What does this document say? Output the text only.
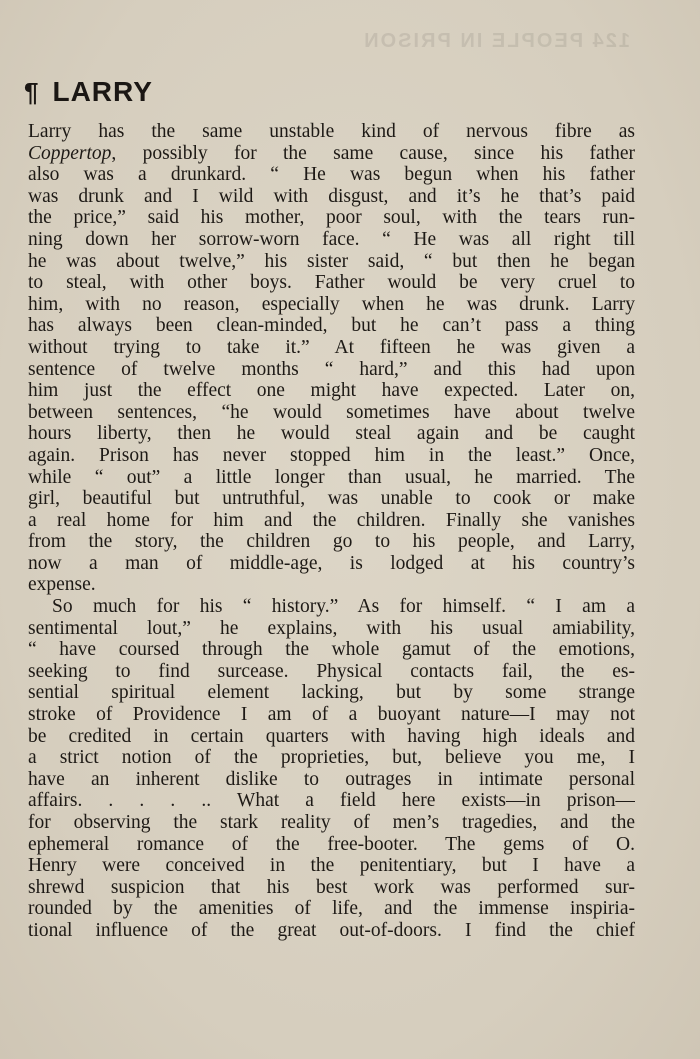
124 PEOPLE IN PRISON
¶ LARRY
Larry has the same unstable kind of nervous fibre as
Coppertop, possibly for the same cause, since his father
also was a drunkard. “ He was begun when his father
was drunk and I wild with disgust, and it’s he that’s paid
the price,” said his mother, poor soul, with the tears run-
ning down her sorrow-worn face. “ He was all right till
he was about twelve,” his sister said, “ but then he began
to steal, with other boys. Father would be very cruel to
him, with no reason, especially when he was drunk. Larry
has always been clean-minded, but he can’t pass a thing
without trying to take it.” At fifteen he was given a
sentence of twelve months “ hard,” and this had upon
him just the effect one might have expected. Later on,
between sentences, “he would sometimes have about twelve
hours liberty, then he would steal again and be caught
again. Prison has never stopped him in the least.” Once,
while “ out” a little longer than usual, he married. The
girl, beautiful but untruthful, was unable to cook or make
a real home for him and the children. Finally she vanishes
from the story, the children go to his people, and Larry,
now a man of middle-age, is lodged at his country’s
expense.
So much for his “ history.” As for himself. “ I am a
sentimental lout,” he explains, with his usual amiability,
“ have coursed through the whole gamut of the emotions,
seeking to find surcease. Physical contacts fail, the es-
sential spiritual element lacking, but by some strange
stroke of Providence I am of a buoyant nature—I may not
be credited in certain quarters with having high ideals and
a strict notion of the proprieties, but, believe you me, I
have an inherent dislike to outrages in intimate personal
affairs. . . . .. What a field here exists—in prison—
for observing the stark reality of men’s tragedies, and the
ephemeral romance of the free-booter. The gems of O.
Henry were conceived in the penitentiary, but I have a
shrewd suspicion that his best work was performed sur-
rounded by the amenities of life, and the immense inspiria-
tional influence of the great out-of-doors. I find the chief
